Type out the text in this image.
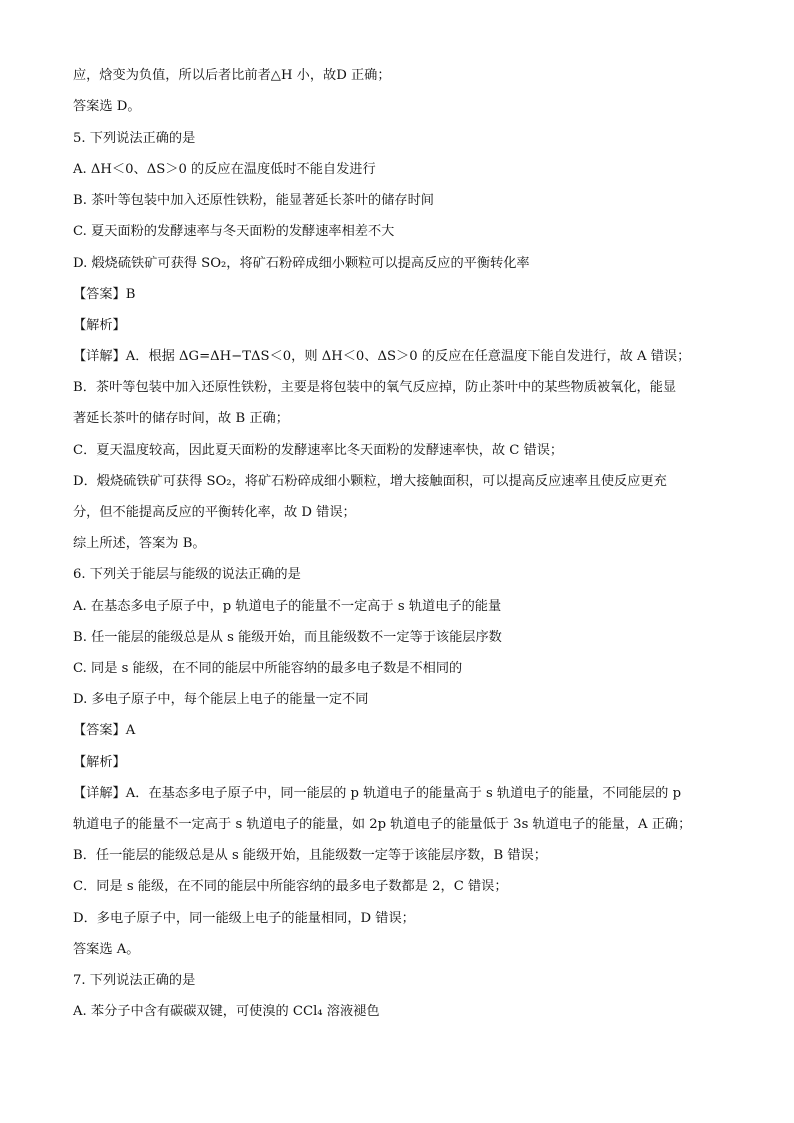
应，焓变为负值，所以后者比前者△H 小，故D 正确；
答案选 D。
5. 下列说法正确的是
A. ΔH＜0、ΔS＞0 的反应在温度低时不能自发进行
B. 茶叶等包装中加入还原性铁粉，能显著延长茶叶的储存时间
C. 夏天面粉的发酵速率与冬天面粉的发酵速率相差不大
D. 煅烧硫铁矿可获得 SO₂，将矿石粉碎成细小颗粒可以提高反应的平衡转化率
【答案】B
【解析】
【详解】A．根据 ΔG=ΔH−TΔS＜0，则 ΔH＜0、ΔS＞0 的反应在任意温度下能自发进行，故 A 错误；
B．茶叶等包装中加入还原性铁粉，主要是将包装中的氧气反应掉，防止茶叶中的某些物质被氧化，能显
著延长茶叶的储存时间，故 B 正确；
C．夏天温度较高，因此夏天面粉的发酵速率比冬天面粉的发酵速率快，故 C 错误；
D．煅烧硫铁矿可获得 SO₂，将矿石粉碎成细小颗粒，增大接触面积，可以提高反应速率且使反应更充
分，但不能提高反应的平衡转化率，故 D 错误；
综上所述，答案为 B。
6. 下列关于能层与能级的说法正确的是
A. 在基态多电子原子中，p 轨道电子的能量不一定高于 s 轨道电子的能量
B. 任一能层的能级总是从 s 能级开始，而且能级数不一定等于该能层序数
C. 同是 s 能级，在不同的能层中所能容纳的最多电子数是不相同的
D. 多电子原子中，每个能层上电子的能量一定不同
【答案】A
【解析】
【详解】A．在基态多电子原子中，同一能层的 p 轨道电子的能量高于 s 轨道电子的能量，不同能层的 p
轨道电子的能量不一定高于 s 轨道电子的能量，如 2p 轨道电子的能量低于 3s 轨道电子的能量，A 正确；
B．任一能层的能级总是从 s 能级开始，且能级数一定等于该能层序数，B 错误；
C．同是 s 能级，在不同的能层中所能容纳的最多电子数都是 2，C 错误；
D．多电子原子中，同一能级上电子的能量相同，D 错误；
答案选 A。
7. 下列说法正确的是
A. 苯分子中含有碳碳双键，可使溴的 CCl₄ 溶液褪色
